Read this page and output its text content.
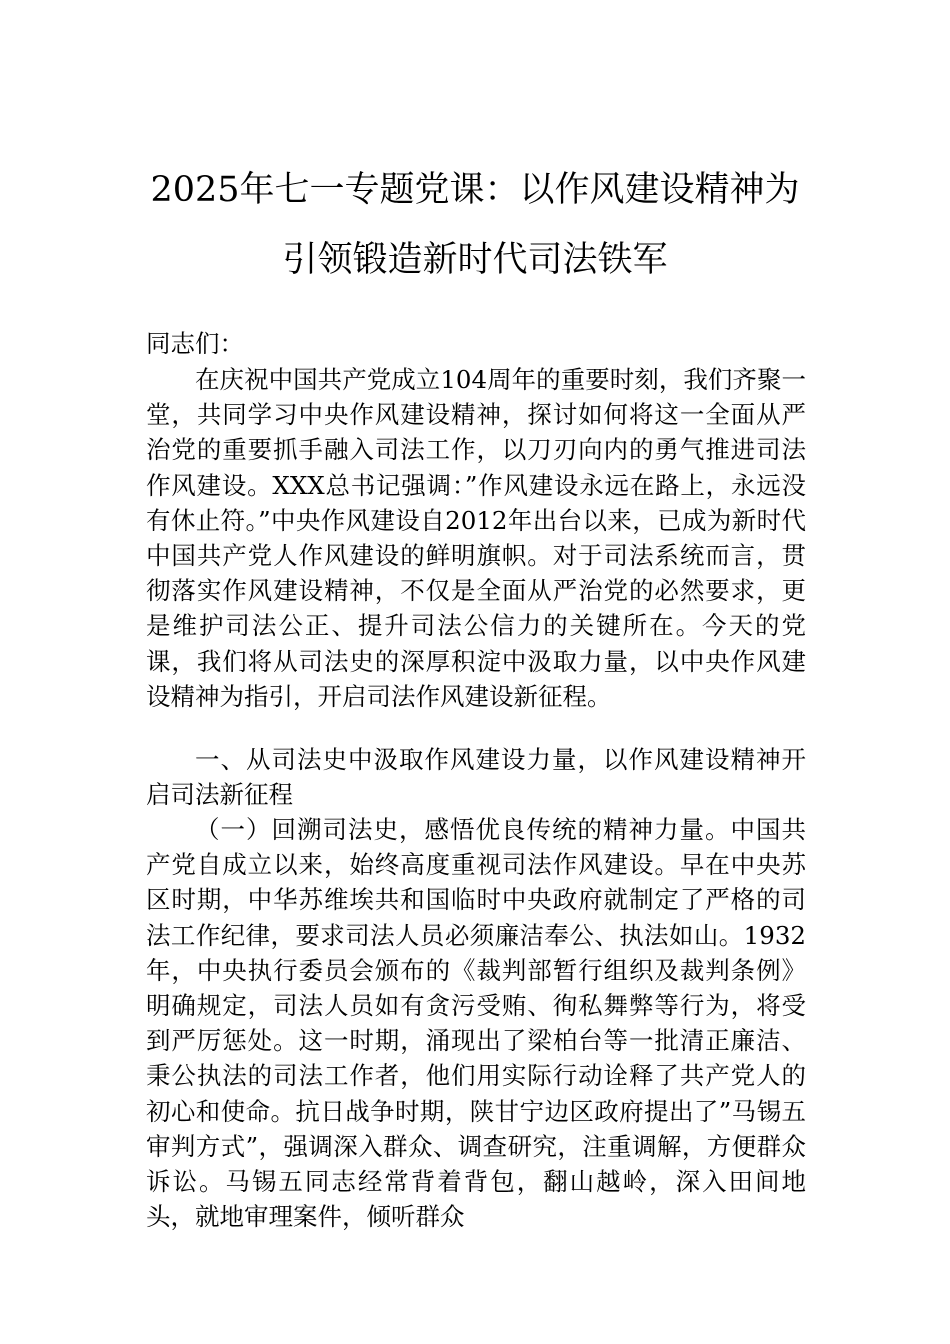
2025年七一专题党课：以作风建设精神为
引领锻造新时代司法铁军
同志们：
在庆祝中国共产党成立104周年的重要时刻，我们齐聚一堂，共同学习中央作风建设精神，探讨如何将这一全面从严治党的重要抓手融入司法工作，以刀刃向内的勇气推进司法作风建设。XXX总书记强调：”作风建设永远在路上，永远没有休止符。”中央作风建设自2012年出台以来，已成为新时代中国共产党人作风建设的鲜明旗帜。对于司法系统而言，贯彻落实作风建设精神，不仅是全面从严治党的必然要求，更是维护司法公正、提升司法公信力的关键所在。今天的党课，我们将从司法史的深厚积淀中汲取力量，以中央作风建设精神为指引，开启司法作风建设新征程。
一、从司法史中汲取作风建设力量，以作风建设精神开启司法新征程
（一）回溯司法史，感悟优良传统的精神力量。中国共产党自成立以来，始终高度重视司法作风建设。早在中央苏区时期，中华苏维埃共和国临时中央政府就制定了严格的司法工作纪律，要求司法人员必须廉洁奉公、执法如山。1932年，中央执行委员会颁布的《裁判部暂行组织及裁判条例》明确规定，司法人员如有贪污受贿、徇私舞弊等行为，将受到严厉惩处。这一时期，涌现出了梁柏台等一批清正廉洁、秉公执法的司法工作者，他们用实际行动诠释了共产党人的初心和使命。抗日战争时期，陕甘宁边区政府提出了”马锡五审判方式”，强调深入群众、调查研究，注重调解，方便群众诉讼。马锡五同志经常背着背包，翻山越岭，深入田间地头，就地审理案件，倾听群众
